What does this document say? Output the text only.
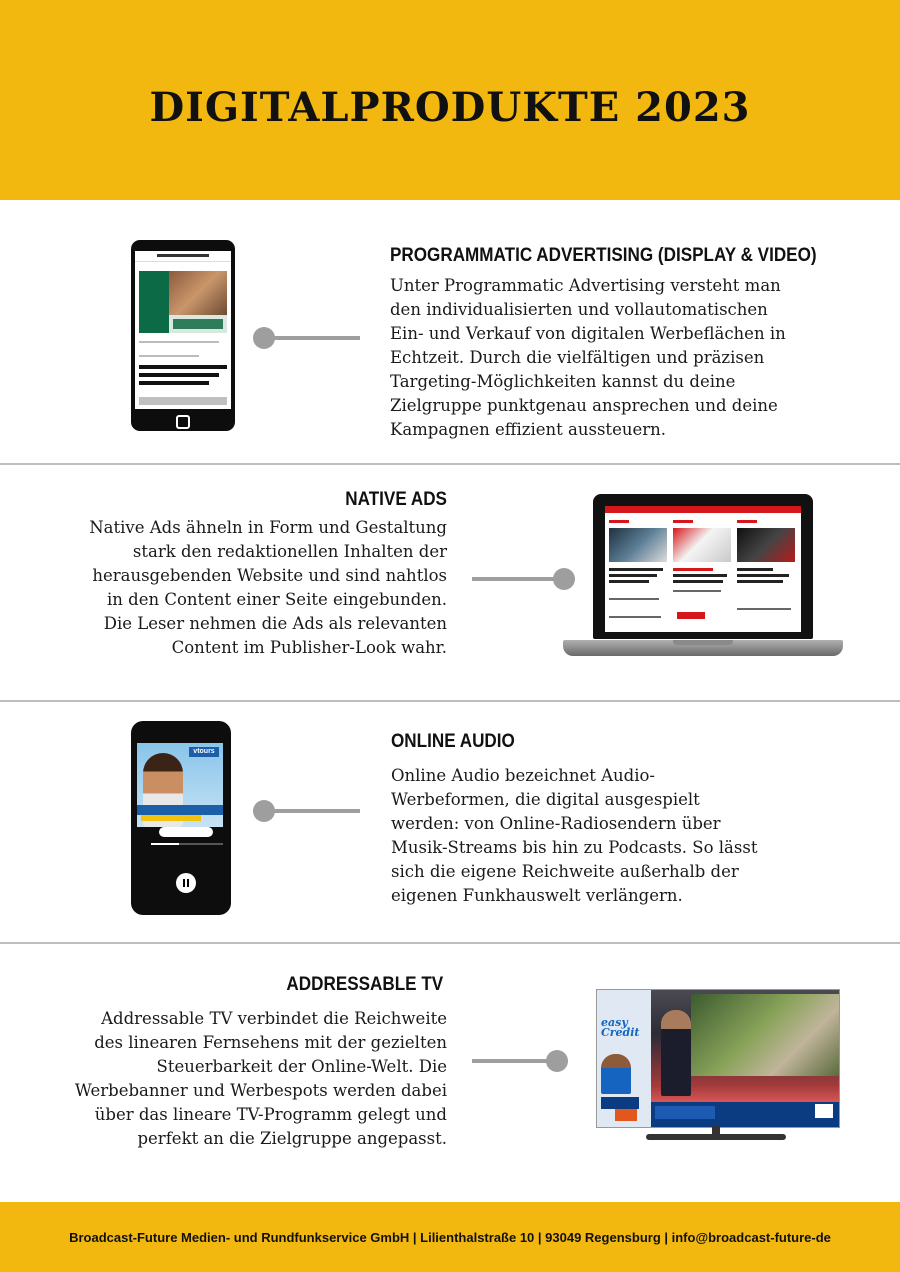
DIGITALPRODUKTE 2023
PROGRAMMATIC ADVERTISING (DISPLAY & VIDEO)

Unter Programmatic Advertising versteht man
den individualisierten und vollautomatischen
Ein- und Verkauf von digitalen Werbeflächen in
Echtzeit. Durch die vielfältigen und präzisen
Targeting-Möglichkeiten kannst du deine
Zielgruppe punktgenau ansprechen und deine
Kampagnen effizient aussteuern.

NATIVE ADS

Native Ads ähneln in Form und Gestaltung
stark den redaktionellen Inhalten der
herausgebenden Website und sind nahtlos
in den Content einer Seite eingebunden.
Die Leser nehmen die Ads als relevanten
Content im Publisher-Look wahr.

vtours	ONLINE AUDIO

Online Audio bezeichnet Audio-
Werbeformen, die digital ausgespielt
werden: von Online-Radiosendern über
Musik-Streams bis hin zu Podcasts. So lässt
sich die eigene Reichweite außerhalb der
eigenen Funkhauswelt verlängern.

ADDRESSABLE TV

Addressable TV verbindet die Reichweite
des linearen Fernsehens mit der gezielten
Steuerbarkeit der Online-Welt. Die
Werbebanner und Werbespots werden dabei
über das lineare TV-Programm gelegt und
perfekt an die Zielgruppe angepasst.

easy
Credit
Broadcast-Future Medien- und Rundfunkservice GmbH | Lilienthalstraße 10 | 93049 Regensburg | info@broadcast-future-de
